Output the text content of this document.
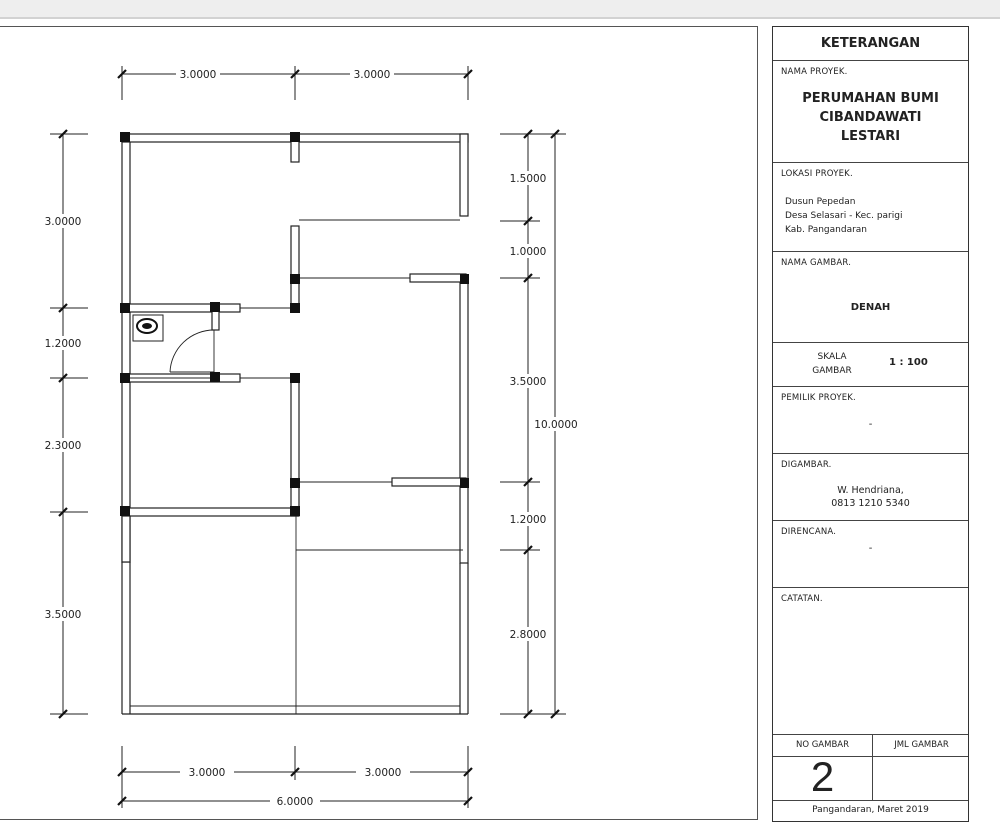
3.0000	3.0000
3.0000	3.0000
6.0000
3.0000
1.2000
2.3000
3.5000
1.5000
1.0000
3.5000
1.2000
2.8000
10.0000
KETERANGAN
NAMA PROYEK.
PERUMAHAN BUMI
CIBANDAWATI
LESTARI
LOKASI PROYEK.
Dusun Pepedan
Desa Selasari - Kec. parigi
Kab. Pangandaran
NAMA GAMBAR.
DENAH
SKALA
GAMBAR
1 : 100
PEMILIK PROYEK.
-
DIGAMBAR.
W. Hendriana,
0813 1210 5340
DIRENCANA.
-
CATATAN.
NO GAMBAR	JML GAMBAR
2
Pangandaran, Maret 2019
